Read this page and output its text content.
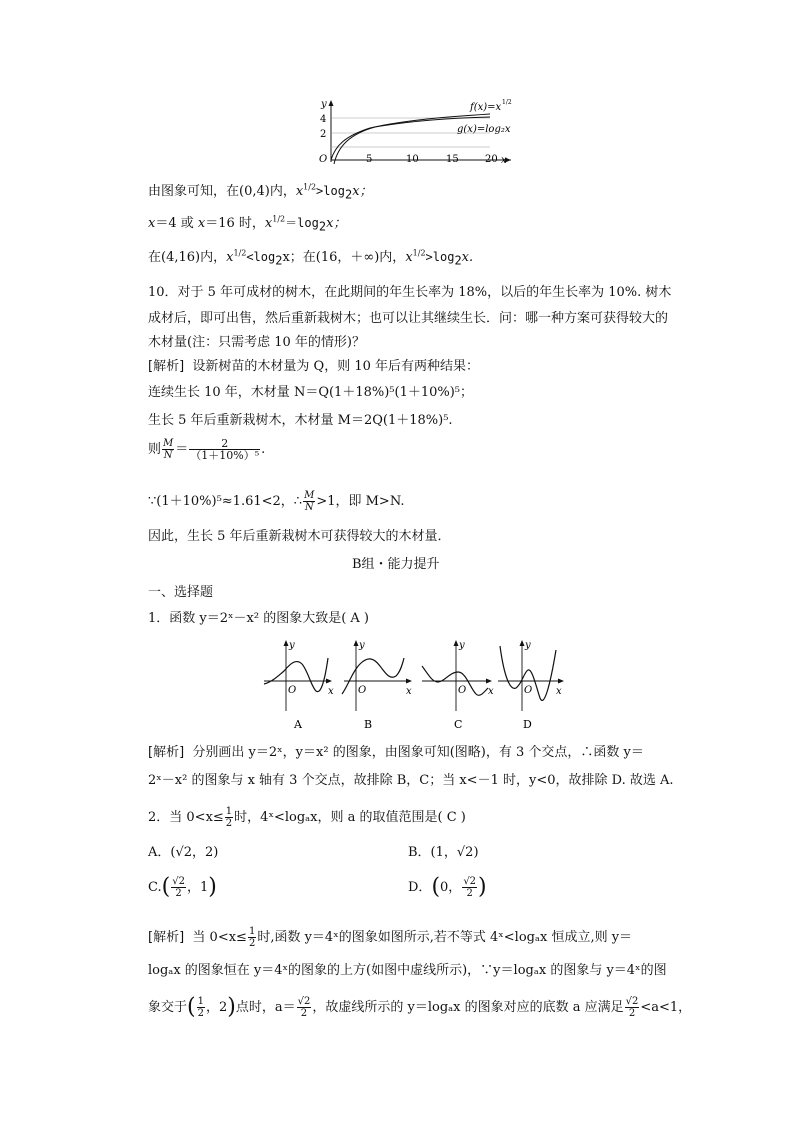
y
x
O
4
2
5	10	15	20
f(x)=x 1/2
g(x)=log₂x
由图象可知，在(0,4)内，$x^{1/2}>\log_2x$；
x＝4 或 x＝16 时，$x^{1/2}=\log_2x$；
在(4,16)内，$x^{1/2}<\log_2x$；在(16，＋∞)内，$x^{1/2}>\log_2x$.
10．对于 5 年可成材的树木，在此期间的年生长率为 18%，以后的年生长率为 10%. 树木
成材后，即可出售，然后重新栽树木；也可以让其继续生长．问：哪一种方案可获得较大的
木材量(注：只需考虑 10 年的情形)？
[解析] 设新树苗的木材量为 Q，则 10 年后有两种结果：
连续生长 10 年，木材量 N＝Q(1＋18%)⁵(1＋10%)⁵；
生长 5 年后重新栽树木，木材量 M＝2Q(1＋18%)⁵.
则 $\frac{M}{N} = \frac{2}{\text{（1＋10\%）⁵}}$ .
∵(1＋10%)⁵≈1.61<2，∴ $\frac{M}{N} >1$，即 M>N.
因此，生长 5 年后重新栽树木可获得较大的木材量．
B组・能力提升
一、选择题
1．函数 y＝2ˣ－x² 的图象大致是( A )
y
x
O
y
x
O
y
x
O
y
x
O
A	B	C	D
[解析] 分别画出 y＝2ˣ，y＝x² 的图象，由图象可知(图略)，有 3 个交点，∴函数 y＝
2ˣ－x² 的图象与 x 轴有 3 个交点，故排除 B，C；当 x<－1 时，y<0，故排除 D. 故选 A.
2．当 $0<x\le \frac{1}{2}$ 时，4ˣ<logₐx，则 a 的取值范围是( C )
A．(√2，2)	B．(1，√2)
$C.( \frac{√2}{2}$ ，1)	D．(0， $\frac{√2}{2}$ )
[解析] 当 $0<x\le \frac{1}{2}$ 时,函数 y＝4ˣ的图象如图所示,若不等式 4ˣ<logₐx 恒成立,则 y＝
logₐx 的图象恒在 y＝4ˣ的图象的上方(如图中虚线所示)，∵y＝logₐx 的图象与 y＝4ˣ的图
象交于( $\frac{1}{2}$ ，2)点时，$a= \frac{√2}{2}$ ，故虚线所示的 y＝logₐx 的图象对应的底数 a 应满足 $\frac{√2}{2} <a<1$，
